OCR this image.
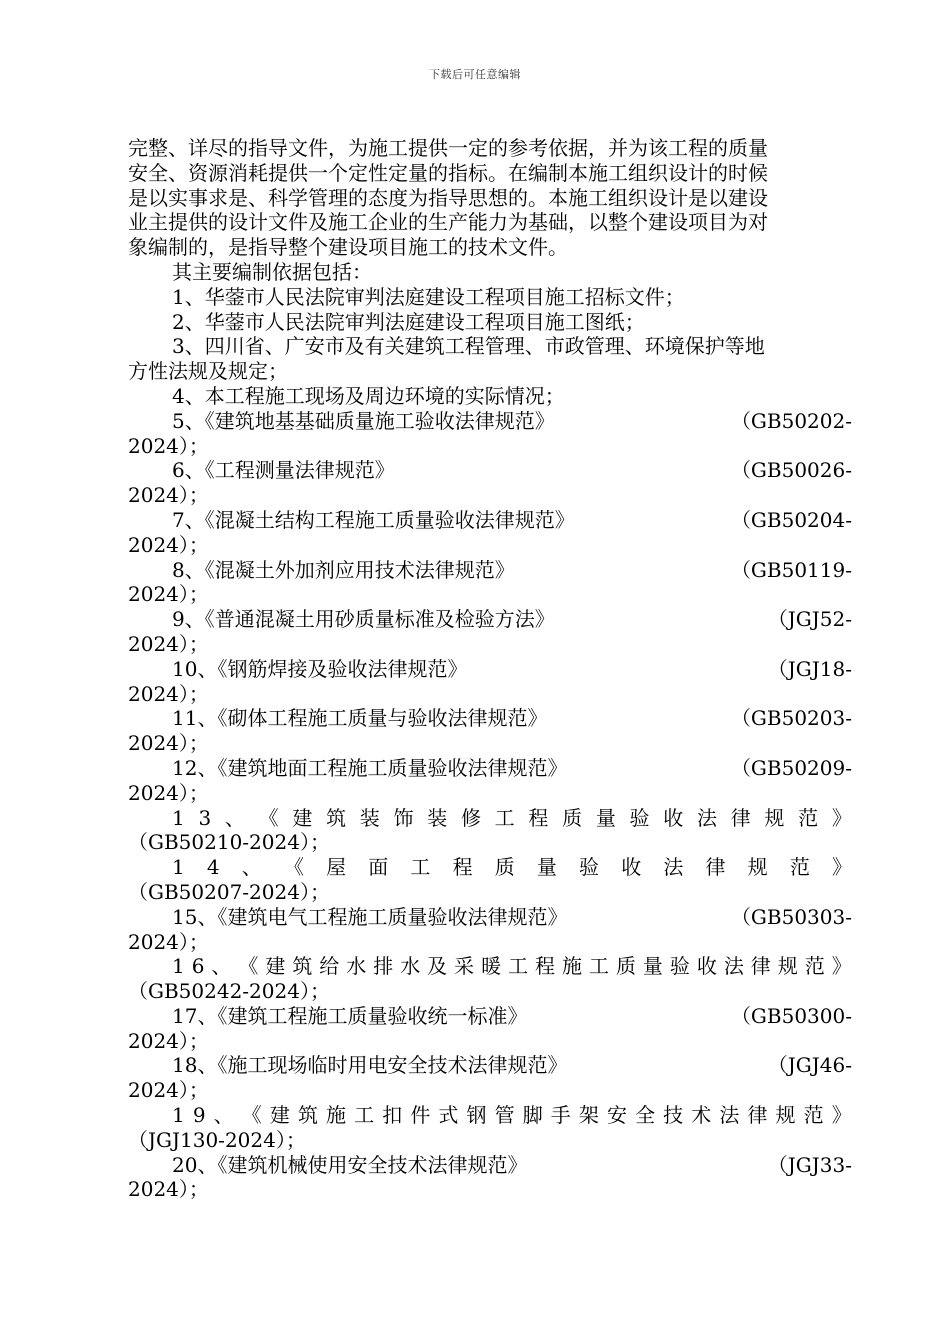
下载后可任意编辑

完整、详尽的指导文件，为施工提供一定的参考依据，并为该工程的质量

安全、资源消耗提供一个定性定量的指标。在编制本施工组织设计的时候

是以实事求是、科学管理的态度为指导思想的。本施工组织设计是以建设

业主提供的设计文件及施工企业的生产能力为基础，以整个建设项目为对

象编制的，是指导整个建设项目施工的技术文件。

其主要编制依据包括：

1、华蓥市人民法院审判法庭建设工程项目施工招标文件；

2、华蓥市人民法院审判法庭建设工程项目施工图纸；

3、四川省、广安市及有关建筑工程管理、市政管理、环境保护等地

方性法规及规定；

4、本工程施工现场及周边环境的实际情况；

5、《建筑地基基础质量施工验收法律规范》	（GB50202-
2024）；
6、《工程测量法律规范》	（GB50026-
2024）；
7、《混凝土结构工程施工质量验收法律规范》	（GB50204-
2024）；
8、《混凝土外加剂应用技术法律规范》	（GB50119-
2024）；
9、《普通混凝土用砂质量标准及检验方法》	（JGJ52-
2024）；
10、《钢筋焊接及验收法律规范》	（JGJ18-
2024）；
11、《砌体工程施工质量与验收法律规范》	（GB50203-
2024）；
12、《建筑地面工程施工质量验收法律规范》	（GB50209-
2024）；
1 3 、 《 建 筑 装 饰 装 修 工 程 质 量 验 收 法 律 规 范 》
（GB50210-2024）；
1 4 、 《 屋 面 工 程 质 量 验 收 法 律 规 范 》
（GB50207-2024）；
15、《建筑电气工程施工质量验收法律规范》	（GB50303-
2024）；
1 6 、 《 建 筑 给 水 排 水 及 采 暖 工 程 施 工 质 量 验 收 法 律 规 范 》
（GB50242-2024）；
17、《建筑工程施工质量验收统一标准》	（GB50300-
2024）；
18、《施工现场临时用电安全技术法律规范》	（JGJ46-
2024）；
1 9 、 《 建 筑 施 工 扣 件 式 钢 管 脚 手 架 安 全 技 术 法 律 规 范 》
（JGJ130-2024）；
20、《建筑机械使用安全技术法律规范》	（JGJ33-
2024）；
